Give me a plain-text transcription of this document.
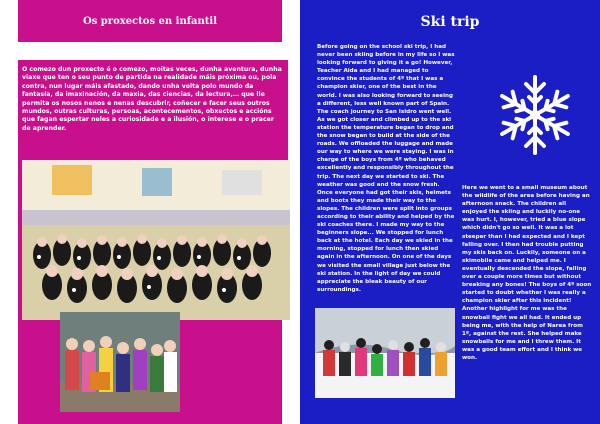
Os proxectos en infantil
O comezo dun proxecto é o comezo, moitas veces, dunha aventura, dunha viaxe que ten o seu punto de partida na realidade máis próxima ou, pola contra, nun lugar máis afastado, dando unha volta polo mundo da fantasía, da imaxinación, da maxia, das ciencias, da lectura,… que lle permita os nosos nenos e nenas descubrir, coñecer e facer seus outros mundos, outras culturas, persoas, acontecementos, obxectos e accións que fagan espertar neles a curiosidade e a ilusión, o interese e o pracer de aprender.
Ski trip
Before going on the school ski trip, I had never been skiing before in my life so I was looking forward to giving it a go! However, Teacher Aida and I had managed to convince the students of 4º that I was a champion skier, one of the best in the world. I was also looking forward to seeing a different, less well known part of Spain. The coach journey to San Isidro went well. As we got closer and climbed up to the ski station the temperature began to drop and the snow began to build at the side of the roads. We offloaded the luggage and made our way to where we were staying. I was in charge of the boys from 4º who behaved excellently and responsibly throughout the trip. The next day we started to ski. The weather was good and the snow fresh. Once everyone had got their skis, helmets and boots they made their way to the slopes. The children were split into groups according to their ability and helped by the ski coaches there. I made my way to the beginners slope... We stopped for lunch back at the hotel. Each day we skied in the morning, stopped for lunch then skied again in the afternoon. On one of the days we visited the small village just below the ski station. In the light of day we could appreciate the bleak beauty of our surroundings.
Here we went to a small museum about the wildlife of the area before having an afternoon snack. The children all enjoyed the skiing and luckily no-one was hurt. I, however, tried a blue slope which didn't go so well. It was a lot steeper than I had expected and I kept falling over. I then had trouble putting my skis back on. Luckily, someone on a skimobile came and helped me. I eventually descended the slope, falling over a couple more times but without breaking any bones! The boys of 4º soon started to doubt whether I was really a champion skier after this incident! Another highlight for me was the snowball fight we all had. It ended up being me, with the help of Narea from 1º, against the rest. She helped make snowballs for me and I threw them. It was a good team effort and I think we won.
